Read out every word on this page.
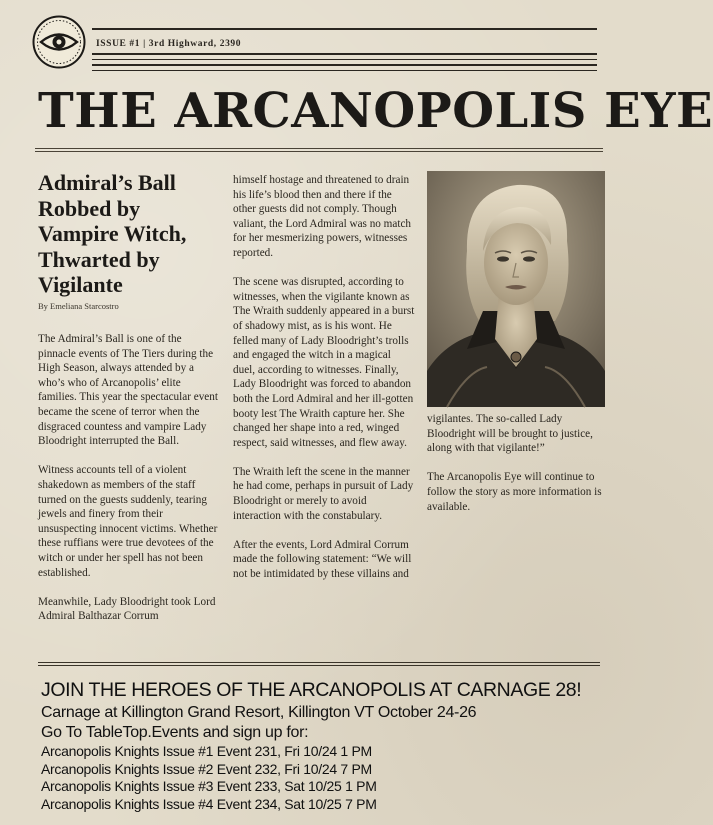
ISSUE #1 | 3rd Highward, 2390
THE ARCANOPOLIS EYE
Admiral’s Ball Robbed by Vampire Witch, Thwarted by Vigilante
By Emeliana Starcostro

The Admiral’s Ball is one of the pinnacle events of The Tiers during the High Season, always attended by a who’s who of Arcanopolis’ elite families. This year the spectacular event became the scene of terror when the disgraced countess and vampire Lady Bloodright interrupted the Ball.

Witness accounts tell of a violent shakedown as members of the staff turned on the guests suddenly, tearing jewels and finery from their unsuspecting innocent victims. Whether these ruffians were true devotees of the witch or under her spell has not been established.

Meanwhile, Lady Bloodright took Lord Admiral Balthazar Corrum

himself hostage and threatened to drain his life’s blood then and there if the other guests did not comply. Though valiant, the Lord Admiral was no match for her mesmerizing powers, witnesses reported.

The scene was disrupted, according to witnesses, when the vigilante known as The Wraith suddenly appeared in a burst of shadowy mist, as is his wont. He felled many of Lady Bloodright’s trolls and engaged the witch in a magical duel, according to witnesses. Finally, Lady Bloodright was forced to abandon both the Lord Admiral and her ill-gotten booty lest The Wraith capture her. She changed her shape into a red, winged respect, said witnesses, and flew away.

The Wraith left the scene in the manner he had come, perhaps in pursuit of Lady Bloodright or merely to avoid interaction with the constabulary.

After the events, Lord Admiral Corrum made the following statement: “We will not be intimidated by these villains and

vigilantes. The so-called Lady Bloodright will be brought to justice, along with that vigilante!”

The Arcanopolis Eye will continue to follow the story as more information is available.

JOIN THE HEROES OF THE ARCANOPOLIS AT CARNAGE 28!
Carnage at Killington Grand Resort, Killington VT October 24-26
Go To TableTop.Events and sign up for:
Arcanopolis Knights Issue #1 Event 231, Fri 10/24 1 PM
Arcanopolis Knights Issue #2 Event 232, Fri 10/24 7 PM
Arcanopolis Knights Issue #3 Event 233, Sat 10/25 1 PM
Arcanopolis Knights Issue #4 Event 234, Sat 10/25 7 PM
